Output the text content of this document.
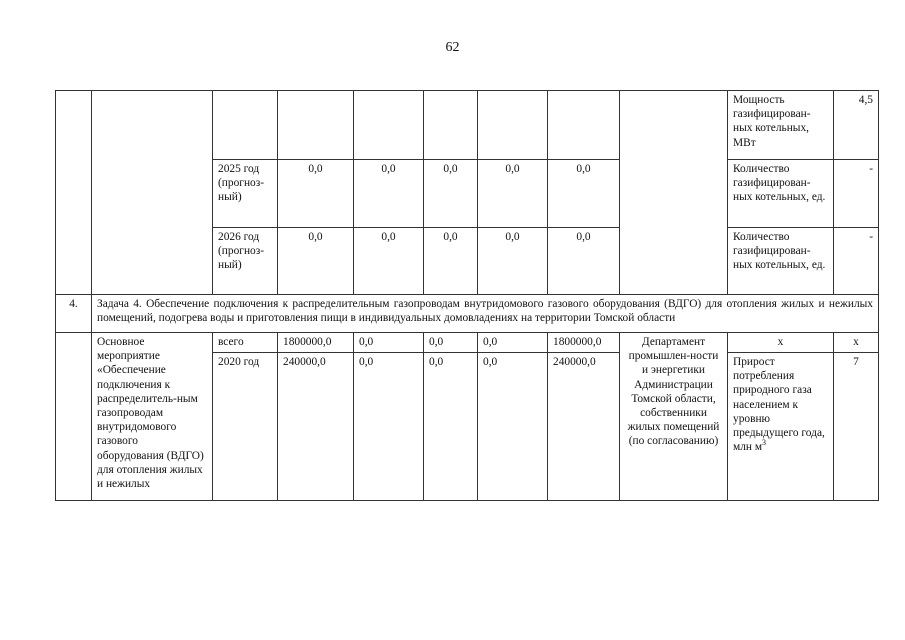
62
									Мощность газифицирован-ных котельных, МВт	4,5
		2025 год (прогноз-ный)	0,0	0,0	0,0	0,0	0,0		Количество газифицирован-ных котельных, ед.	-
		2026 год (прогноз-ный)	0,0	0,0	0,0	0,0	0,0		Количество газифицирован-ных котельных, ед.	-
4.	Задача 4. Обеспечение подключения к распределительным газопроводам внутридомового газового оборудования (ВДГО) для отопления жилых и нежилых помещений, подогрева воды и приготовления пищи в индивидуальных домовладениях на территории Томской области									
	Основное мероприятие «Обеспечение подключения к распределитель-ным газопроводам внутридомового газового оборудования (ВДГО) для отопления жилых и нежилых	всего	1800000,0	0,0	0,0	0,0	1800000,0	Департамент промышлен-ности и энергетики Администрации Томской области, собственники жилых помещений (по согласованию)	x	x
		2020 год	240000,0	0,0	0,0	0,0	240000,0		Прирост потребления природного газа населением к уровню предыдущего года, млн $м^3$	7
